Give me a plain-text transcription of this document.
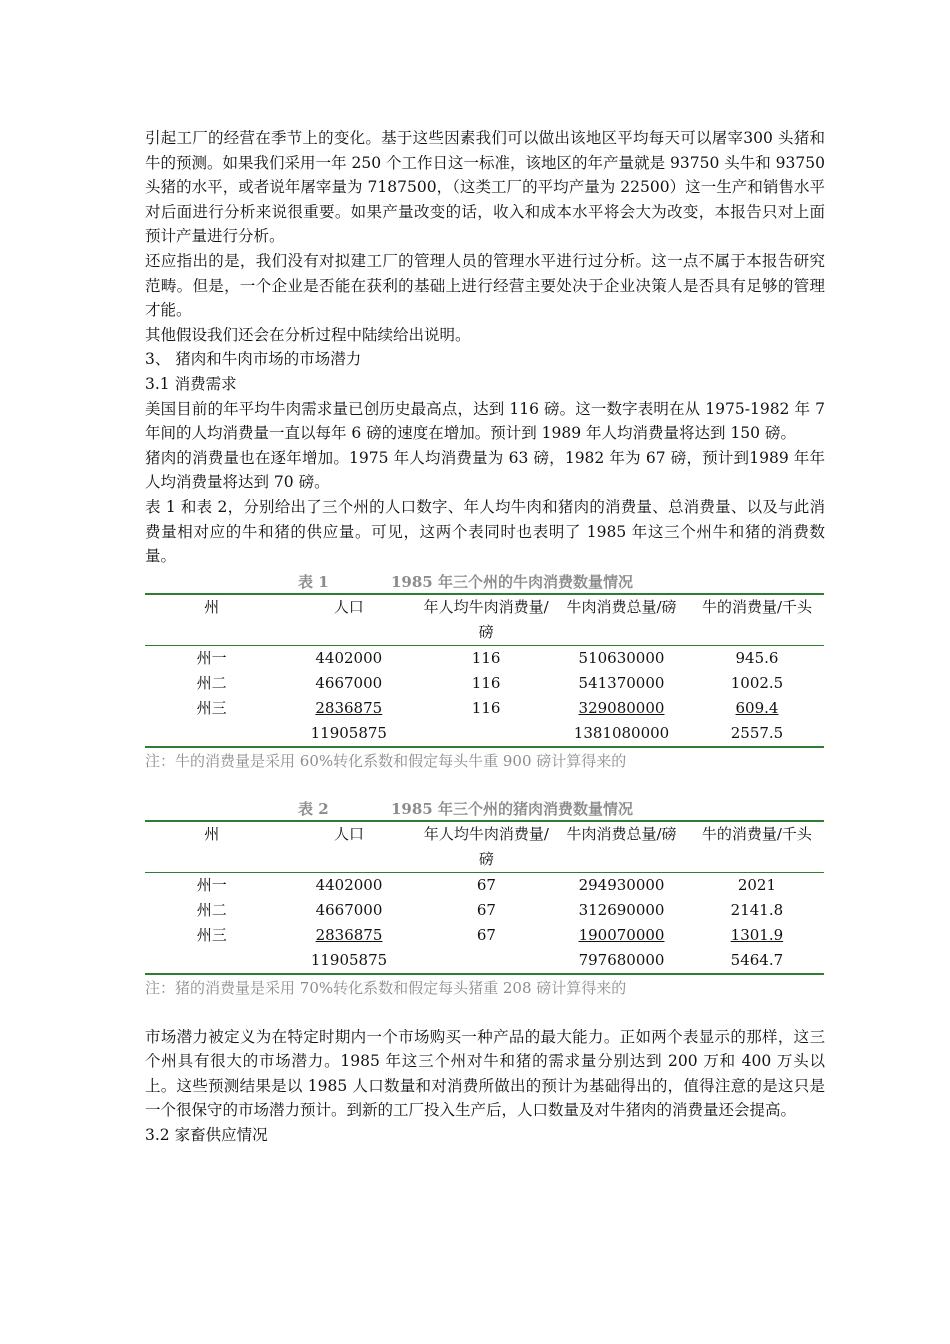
引起工厂的经营在季节上的变化。基于这些因素我们可以做出该地区平均每天可以屠宰300 头猪和牛的预测。如果我们采用一年 250 个工作日这一标准，该地区的年产量就是 93750 头牛和 93750 头猪的水平，或者说年屠宰量为 7187500，（这类工厂的平均产量为 22500）这一生产和销售水平对后面进行分析来说很重要。如果产量改变的话，收入和成本水平将会大为改变，本报告只对上面预计产量进行分析。

还应指出的是，我们没有对拟建工厂的管理人员的管理水平进行过分析。这一点不属于本报告研究范畴。但是，一个企业是否能在获利的基础上进行经营主要处决于企业决策人是否具有足够的管理才能。

其他假设我们还会在分析过程中陆续给出说明。

3、 猪肉和牛肉市场的市场潜力

3.1 消费需求

美国目前的年平均牛肉需求量已创历史最高点，达到 116 磅。这一数字表明在从 1975-1982 年 7 年间的人均消费量一直以每年 6 磅的速度在增加。预计到 1989 年人均消费量将达到 150 磅。

猪肉的消费量也在逐年增加。1975 年人均消费量为 63 磅，1982 年为 67 磅，预计到1989 年年人均消费量将达到 70 磅。

表 1 和表 2，分别给出了三个州的人口数字、年人均牛肉和猪肉的消费量、总消费量、以及与此消费量相对应的牛和猪的供应量。可见，这两个表同时也表明了 1985 年这三个州牛和猪的消费数量。

表 1	1985 年三个州的牛肉消费数量情况
州	人口	年人均牛肉消费量/磅	牛肉消费总量/磅	牛的消费量/千头
州一	4402000	116	510630000	945.6
州二	4667000	116	541370000	1002.5
州三	2836875	116	329080000	609.4
	11905875		1381080000	2557.5

注：牛的消费量是采用 60%转化系数和假定每头牛重 900 磅计算得来的

表 2	1985 年三个州的猪肉消费数量情况
州	人口	年人均牛肉消费量/磅	牛肉消费总量/磅	牛的消费量/千头
州一	4402000	67	294930000	2021
州二	4667000	67	312690000	2141.8
州三	2836875	67	190070000	1301.9
	11905875		797680000	5464.7

注：猪的消费量是采用 70%转化系数和假定每头猪重 208 磅计算得来的

市场潜力被定义为在特定时期内一个市场购买一种产品的最大能力。正如两个表显示的那样，这三个州具有很大的市场潜力。1985 年这三个州对牛和猪的需求量分别达到 200 万和 400 万头以上。这些预测结果是以 1985 人口数量和对消费所做出的预计为基础得出的，值得注意的是这只是一个很保守的市场潜力预计。到新的工厂投入生产后，人口数量及对牛猪肉的消费量还会提高。

3.2 家畜供应情况
